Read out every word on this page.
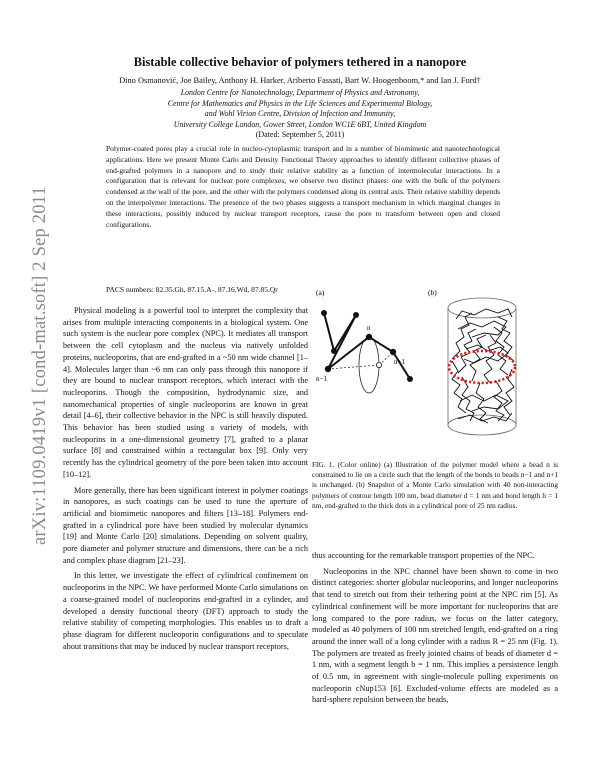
arXiv:1109.0419v1 [cond-mat.soft] 2 Sep 2011
Bistable collective behavior of polymers tethered in a nanopore
Dino Osmanović, Joe Bailey, Anthony H. Harker, Ariberto Fassati, Bart W. Hoogenboom,* and Ian J. Ford†
London Centre for Nanotechnology, Department of Physics and Astronomy,
Centre for Mathematics and Physics in the Life Sciences and Experimental Biology,
and Wohl Virion Centre, Division of Infection and Immunity,
University College London, Gower Street, London WC1E 6BT, United Kingdom
(Dated: September 5, 2011)
Polymer-coated pores play a crucial role in nucleo-cytoplasmic transport and in a number of biomimetic and nanotechnological applications. Here we present Monte Carlo and Density Functional Theory approaches to identify different collective phases of end-grafted polymers in a nanopore and to study their relative stability as a function of intermolecular interactions. In a configuration that is relevant for nuclear pore complexes, we observe two distinct phases: one with the bulk of the polymers condensed at the wall of the pore, and the other with the polymers condensed along its central axis. Their relative stability depends on the interpolymer interactions. The presence of the two phases suggests a transport mechanism in which marginal changes in these interactions, possibly induced by nuclear transport receptors, cause the pore to transform between open and closed configurations.
PACS numbers: 82.35.Gh, 87.15.A-, 87.16.Wd, 87.85.Qr

Physical modeling is a powerful tool to interpret the complexity that arises from multiple interacting components in a biological system. One such system is the nuclear pore complex (NPC). It mediates all transport between the cell cytoplasm and the nucleus via natively unfolded proteins, nucleoporins, that are end-grafted in a ~50 nm wide channel [1–4]. Molecules larger than ~6 nm can only pass through this nanopore if they are bound to nuclear transport receptors, which interact with the nucleoporins. Though the composition, hydrodynamic size, and nanomechanical properties of single nucleoporins are known in great detail [4–6], their collective behavior in the NPC is still heavily disputed. This behavior has been studied using a variety of models, with nucleoporins in a one-dimensional geometry [7], grafted to a planar surface [8] and constrained within a rectangular box [9]. Only very recently has the cylindrical geometry of the pore been taken into account [10–12].

More generally, there has been significant interest in polymer coatings in nanopores, as such coatings can be used to tune the aperture of artificial and biomimetic nanopores and filters [13–18]. Polymers end-grafted in a cylindrical pore have been studied by molecular dynamics [19] and Monte Carlo [20] simulations. Depending on solvent quality, pore diameter and polymer structure and dimensions, there can be a rich and complex phase diagram [21–23].

In this letter, we investigate the effect of cylindrical confinement on nucleoporins in the NPC. We have performed Monte Carlo simulations on a coarse-grained model of nucleoporins end-grafted in a cylinder, and developed a density functional theory (DFT) approach to study the relative stability of competing morphologies. This enables us to draft a phase diagram for different nucleoporin configurations and to speculate about transitions that may be induced by nuclear transport receptors,

(a)	(b)
n
n−1
n+1
FIG. 1. (Color online) (a) Illustration of the polymer model where a bead n is constrained to lie on a circle such that the length of the bonds to beads n−1 and n+1 is unchanged. (b) Snapshot of a Monte Carlo simulation with 40 non-interacting polymers of contour length 100 nm, bead diameter d = 1 nm and bond length b = 1 nm, end-grafted to the thick dots in a cylindrical pore of 25 nm radius.

thus accounting for the remarkable transport properties of the NPC.

Nucleoporins in the NPC channel have been shown to come in two distinct categories: shorter globular nucleoporins, and longer nucleoporins that tend to stretch out from their tethering point at the NPC rim [5]. As cylindrical confinement will be more important for nucleoporins that are long compared to the pore radius, we focus on the latter category, modeled as 40 polymers of 100 nm stretched length, end-grafted on a ring around the inner wall of a long cylinder with a radius R = 25 nm (Fig. 1). The polymers are treated as freely jointed chains of beads of diameter d = 1 nm, with a segment length b = 1 nm. This implies a persistence length of 0.5 nm, in agreement with single-molecule pulling experiments on nucleoporin cNup153 [6]. Excluded-volume effects are modeled as a hard-sphere repulsion between the beads,
